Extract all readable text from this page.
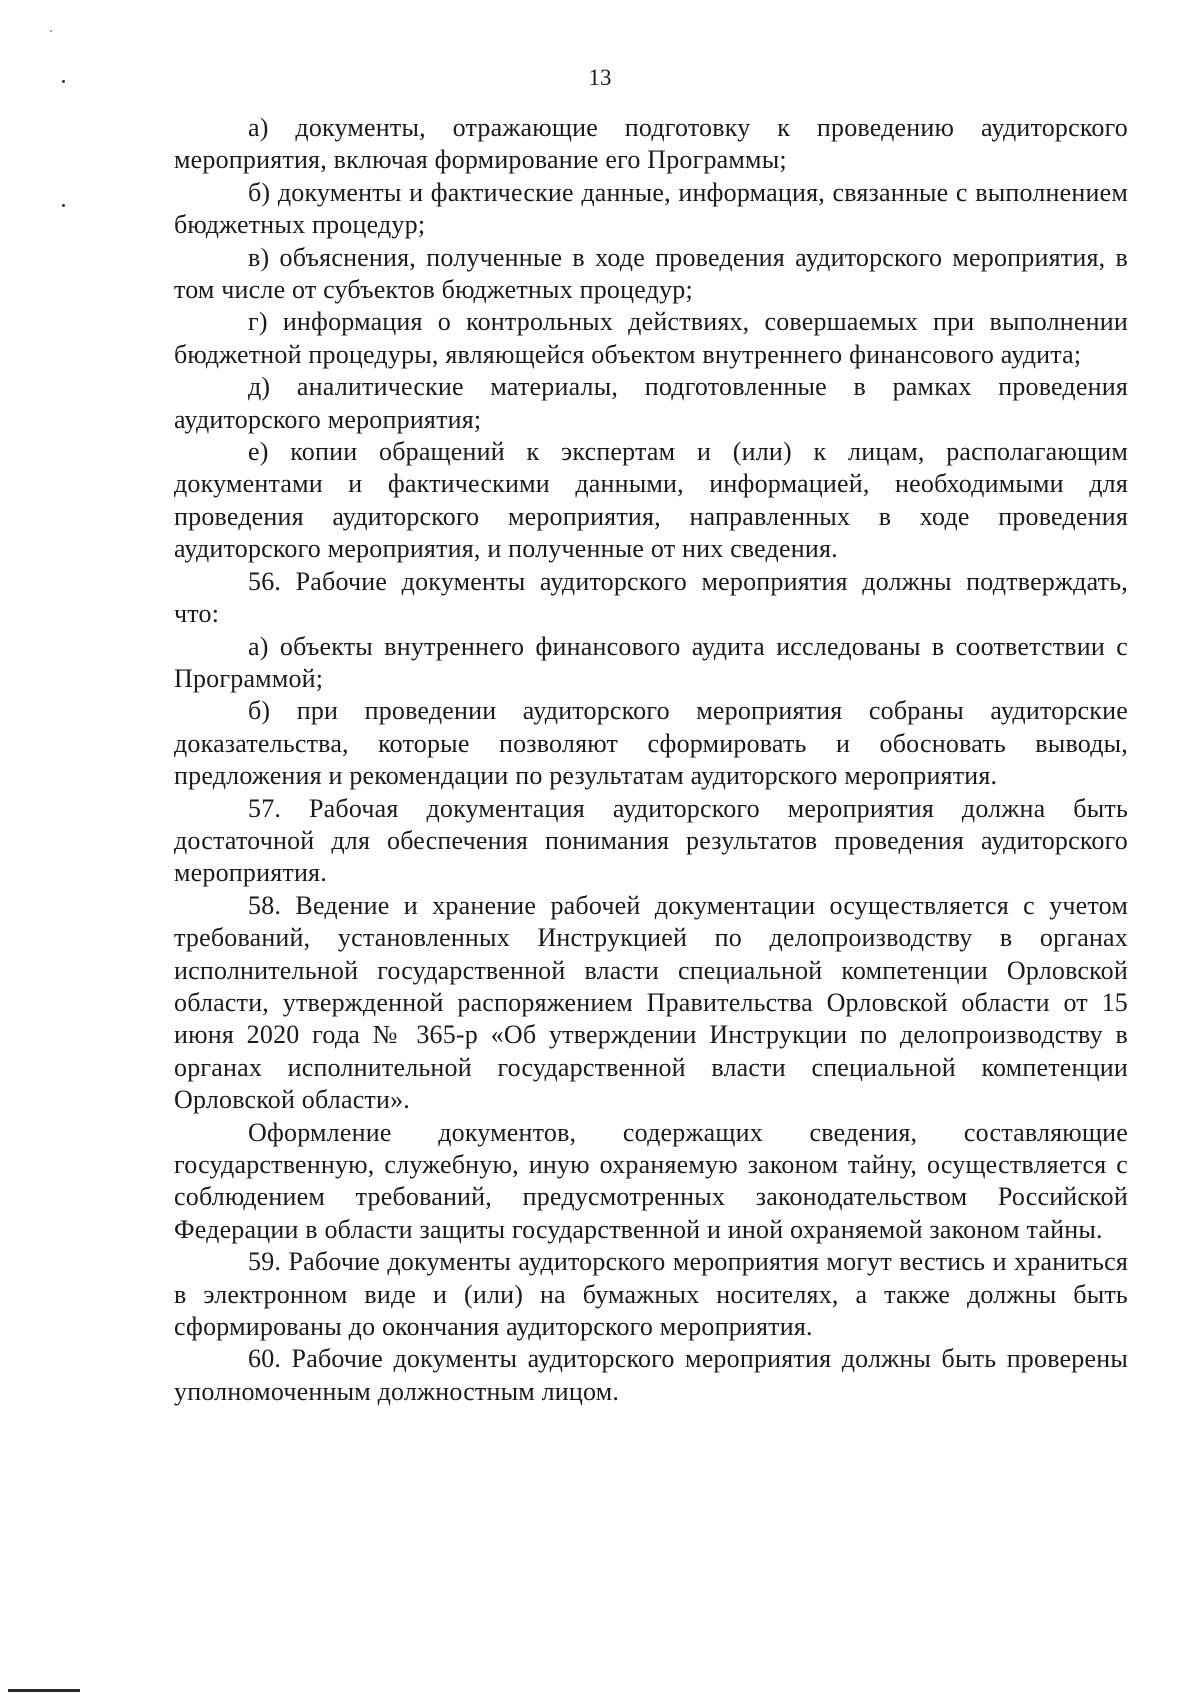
13

а) документы, отражающие подготовку к проведению аудиторского мероприятия, включая формирование его Программы;

б) документы и фактические данные, информация, связанные с выполнением бюджетных процедур;

в) объяснения, полученные в ходе проведения аудиторского мероприятия, в том числе от субъектов бюджетных процедур;

г) информация о контрольных действиях, совершаемых при выполнении бюджетной процедуры, являющейся объектом внутреннего финансового аудита;

д) аналитические материалы, подготовленные в рамках проведения аудиторского мероприятия;

е) копии обращений к экспертам и (или) к лицам, располагающим документами и фактическими данными, информацией, необходимыми для проведения аудиторского мероприятия, направленных в ходе проведения аудиторского мероприятия, и полученные от них сведения.

56. Рабочие документы аудиторского мероприятия должны подтверждать, что:

а) объекты внутреннего финансового аудита исследованы в соответствии с Программой;

б) при проведении аудиторского мероприятия собраны аудиторские доказательства, которые позволяют сформировать и обосновать выводы, предложения и рекомендации по результатам аудиторского мероприятия.

57. Рабочая документация аудиторского мероприятия должна быть достаточной для обеспечения понимания результатов проведения аудиторского мероприятия.

58. Ведение и хранение рабочей документации осуществляется с учетом требований, установленных Инструкцией по делопроизводству в органах исполнительной государственной власти специальной компетенции Орловской области, утвержденной распоряжением Правительства Орловской области от 15 июня 2020 года № 365-р «Об утверждении Инструкции по делопроизводству в органах исполнительной государственной власти специальной компетенции Орловской области».

Оформление документов, содержащих сведения, составляющие государственную, служебную, иную охраняемую законом тайну, осуществляется с соблюдением требований, предусмотренных законодательством Российской Федерации в области защиты государственной и иной охраняемой законом тайны.

59. Рабочие документы аудиторского мероприятия могут вестись и храниться в электронном виде и (или) на бумажных носителях, а также должны быть сформированы до окончания аудиторского мероприятия.

60. Рабочие документы аудиторского мероприятия должны быть проверены уполномоченным должностным лицом.
